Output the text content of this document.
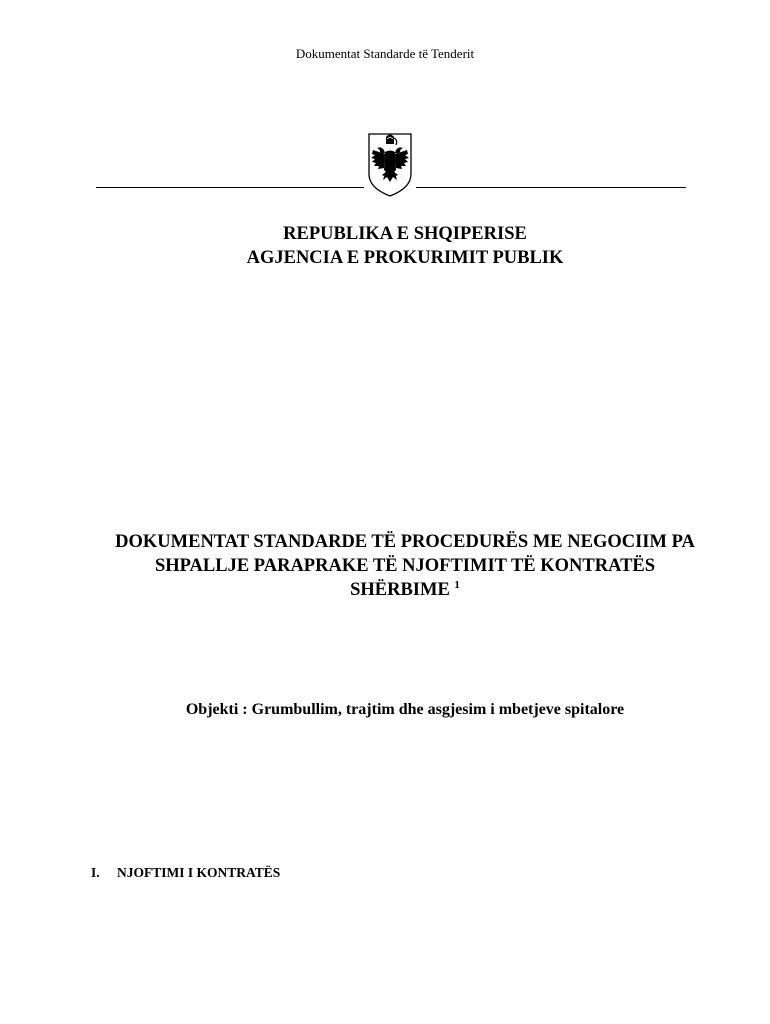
Dokumentat Standarde të Tenderit
REPUBLIKA E SHQIPERISE
AGJENCIA E PROKURIMIT PUBLIK
DOKUMENTAT STANDARDE TË PROCEDURËS ME NEGOCIIM PA
SHPALLJE PARAPRAKE TË NJOFTIMIT TË KONTRATËS
SHËRBIME $^1$
Objekti : Grumbullim, trajtim dhe asgjesim i mbetjeve spitalore
I. NJOFTIMI I KONTRATËS
